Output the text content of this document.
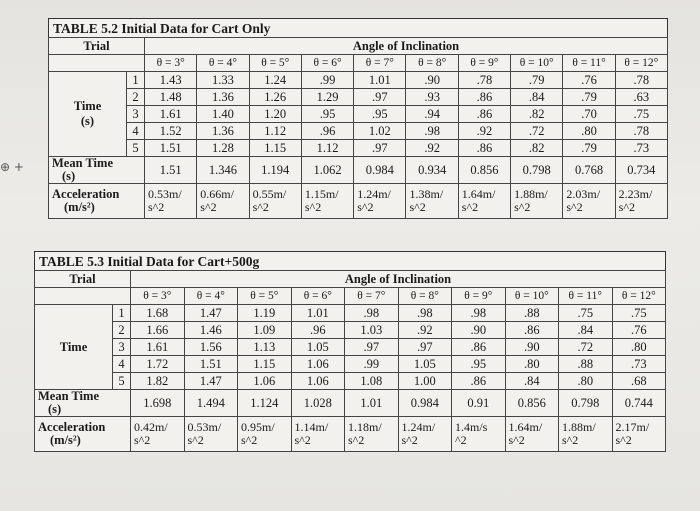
⊕ +
TABLE 5.2 Initial Data for Cart Only
Trial		Angle of Inclination									
		θ = 3°	θ = 4°	θ = 5°	θ = 6°	θ = 7°	θ = 8°	θ = 9°	θ = 10°	θ = 11°	θ = 12°

Time
(s)	1	1.43	1.33	1.24	.99	1.01	.90	.78	.79	.76	.78
	2	1.48	1.36	1.26	1.29	.97	.93	.86	.84	.79	.63
	3	1.61	1.40	1.20	.95	.95	.94	.86	.82	.70	.75
	4	1.52	1.36	1.12	.96	1.02	.98	.92	.72	.80	.78
	5	1.51	1.28	1.15	1.12	.97	.92	.86	.82	.79	.73

Mean Time
(s)		1.51	1.346	1.194	1.062	0.984	0.934	0.856	0.798	0.768	0.734

Acceleration
(m/s²)		0.53m/ s^2	0.66m/ s^2	0.55m/ s^2	1.15m/ s^2	1.24m/ s^2	1.38m/ s^2	1.64m/ s^2	1.88m/ s^2	2.03m/ s^2	2.23m/ s^2
TABLE 5.3 Initial Data for Cart+500g
Trial		Angle of Inclination									
		θ = 3°	θ = 4°	θ = 5°	θ = 6°	θ = 7°	θ = 8°	θ = 9°	θ = 10°	θ = 11°	θ = 12°

Time	1	1.68	1.47	1.19	1.01	.98	.98	.98	.88	.75	.75
	2	1.66	1.46	1.09	.96	1.03	.92	.90	.86	.84	.76
	3	1.61	1.56	1.13	1.05	.97	.97	.86	.90	.72	.80
	4	1.72	1.51	1.15	1.06	.99	1.05	.95	.80	.88	.73
	5	1.82	1.47	1.06	1.06	1.08	1.00	.86	.84	.80	.68

Mean Time
(s)		1.698	1.494	1.124	1.028	1.01	0.984	0.91	0.856	0.798	0.744

Acceleration
(m/s²)		0.42m/ s^2	0.53m/ s^2	0.95m/ s^2	1.14m/ s^2	1.18m/ s^2	1.24m/ s^2	1.4m/s ^2	1.64m/ s^2	1.88m/ s^2	2.17m/ s^2
